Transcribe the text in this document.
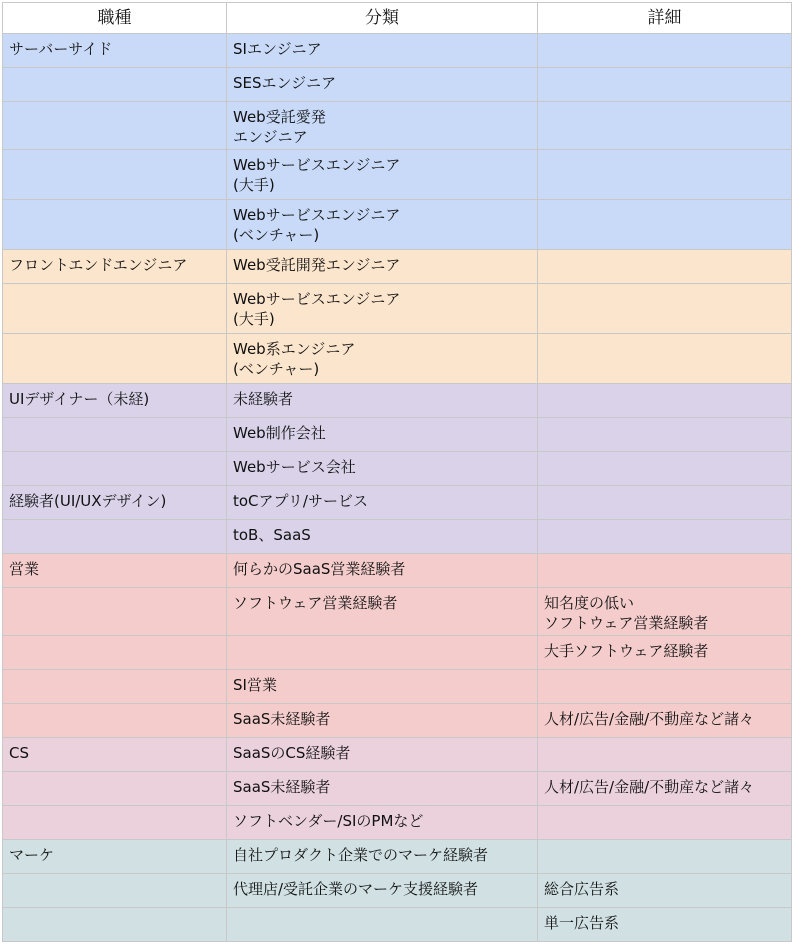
職種	分類	詳細

サーバーサイド	SIエンジニア	

	SESエンジニア	

	Web受託愛発
エンジニア	

	Webサービスエンジニア
(大手)	

	Webサービスエンジニア
(ベンチャー)	

フロントエンドエンジニア	Web受託開発エンジニア	

	Webサービスエンジニア
(大手)	

	Web系エンジニア
(ベンチャー)	

UIデザイナー（未経)	未経験者	

	Web制作会社	

	Webサービス会社	

経験者(UI/UXデザイン)	toCアプリ/サービス	

	toB、SaaS	

営業	何らかのSaaS営業経験者	

	ソフトウェア営業経験者	知名度の低い
ソフトウェア営業経験者

		大手ソフトウェア経験者

	SI営業	

	SaaS未経験者	人材/広告/金融/不動産など諸々

CS	SaaSのCS経験者	

	SaaS未経験者	人材/広告/金融/不動産など諸々

	ソフトベンダー/SIのPMなど	

マーケ	自社プロダクト企業でのマーケ経験者	

	代理店/受託企業のマーケ支援経験者	総合広告系

		単一広告系
